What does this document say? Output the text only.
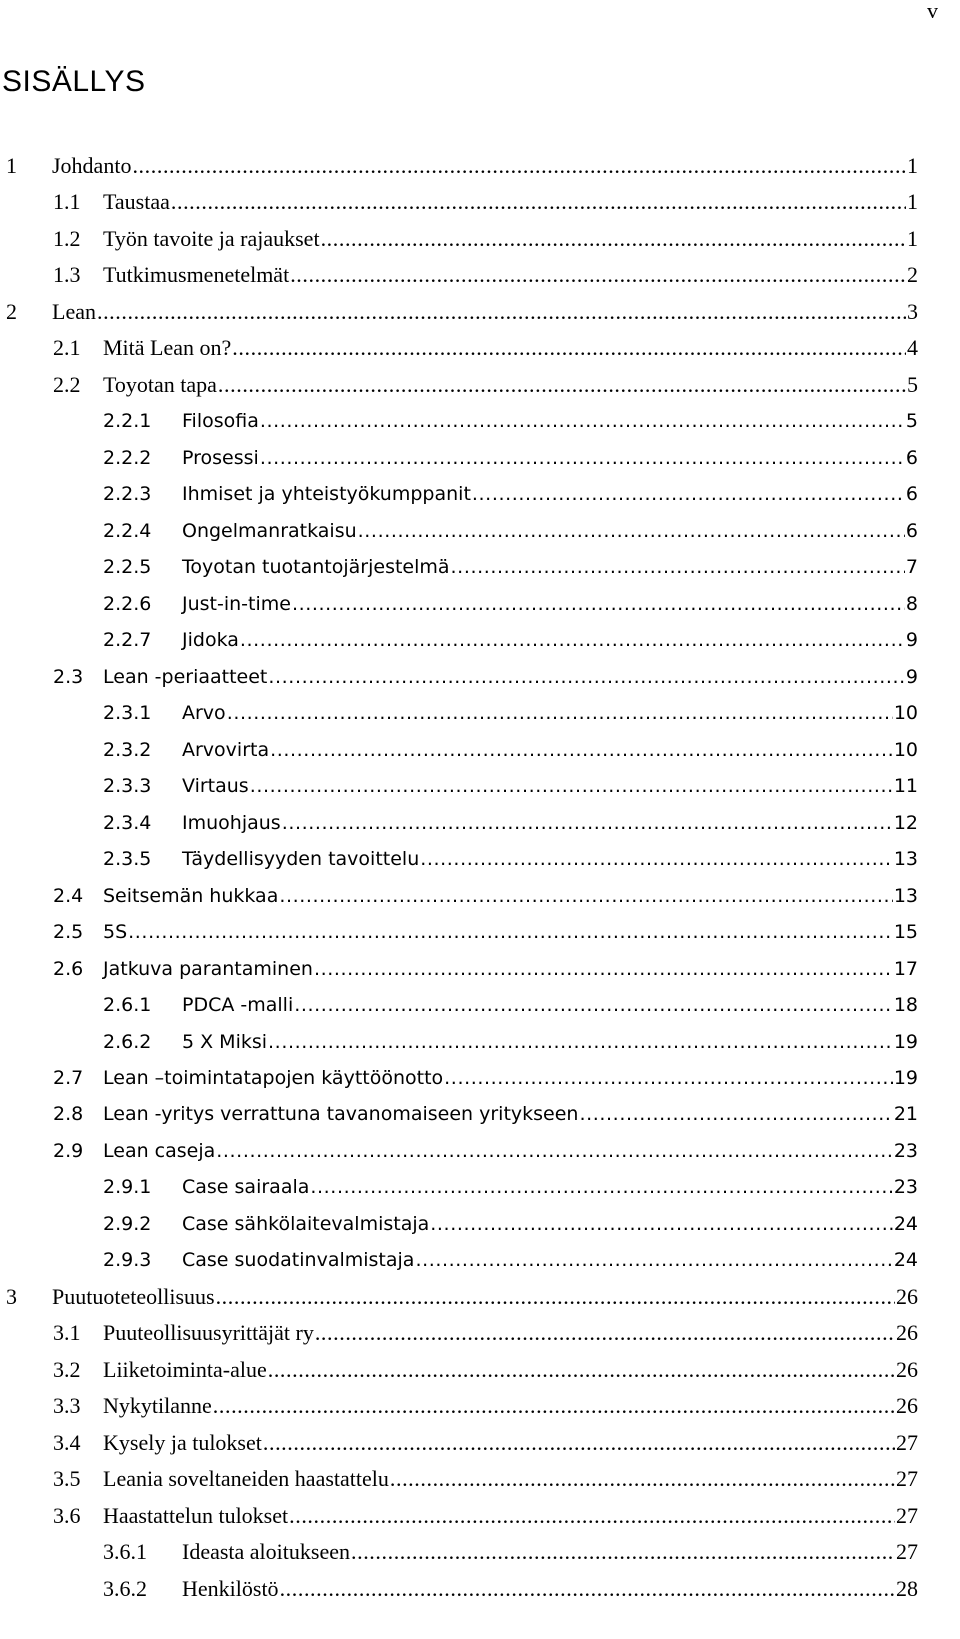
v
SISÄLLYS
1	Johdanto .....	1
1.1	Taustaa .....	1
1.2	Työn tavoite ja rajaukset .....	1
1.3	Tutkimusmenetelmät .....	2
2	Lean .....	3
2.1	Mitä Lean on? .....	4
2.2	Toyotan tapa .....	5
2.2.1	Filosofia .....	5
2.2.2	Prosessi .....	6
2.2.3	Ihmiset ja yhteistyökumppanit .....	6
2.2.4	Ongelmanratkaisu .....	6
2.2.5	Toyotan tuotantojärjestelmä .....	7
2.2.6	Just-in-time .....	8
2.2.7	Jidoka .....	9
2.3	Lean -periaatteet .....	9
2.3.1	Arvo .....	10
2.3.2	Arvovirta .....	10
2.3.3	Virtaus .....	11
2.3.4	Imuohjaus .....	12
2.3.5	Täydellisyyden tavoittelu .....	13
2.4	Seitsemän hukkaa .....	13
2.5	5S .....	15
2.6	Jatkuva parantaminen .....	17
2.6.1	PDCA -malli .....	18
2.6.2	5 X Miksi .....	19
2.7	Lean –toimintatapojen käyttöönotto .....	19
2.8	Lean -yritys verrattuna tavanomaiseen yritykseen .....	21
2.9	Lean caseja .....	23
2.9.1	Case sairaala .....	23
2.9.2	Case sähkölaitevalmistaja .....	24
2.9.3	Case suodatinvalmistaja .....	24
3	Puutuoteteollisuus .....	26
3.1	Puuteollisuusyrittäjät ry .....	26
3.2	Liiketoiminta-alue .....	26
3.3	Nykytilanne .....	26
3.4	Kysely ja tulokset .....	27
3.5	Leania soveltaneiden haastattelu .....	27
3.6	Haastattelun tulokset .....	27
3.6.1	Ideasta aloitukseen .....	27
3.6.2	Henkilöstö .....	28
